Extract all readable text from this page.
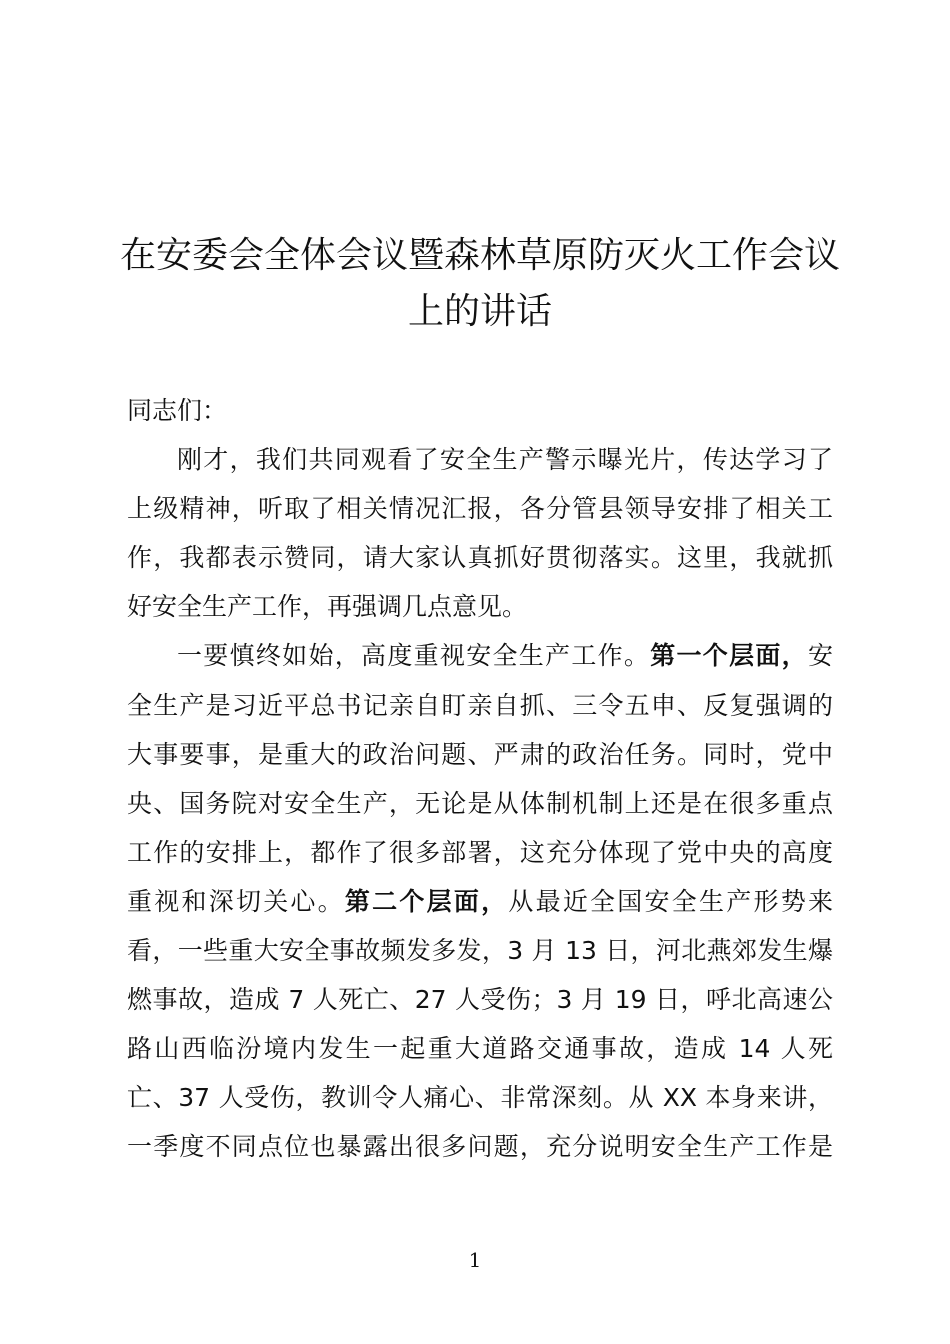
在安委会全体会议暨森林草原防灭火工作会议
上的讲话
同志们：
刚才，我们共同观看了安全生产警示曝光片，传达学习了
上级精神，听取了相关情况汇报，各分管县领导安排了相关工
作，我都表示赞同，请大家认真抓好贯彻落实。这里，我就抓
好安全生产工作，再强调几点意见。
一要慎终如始，高度重视安全生产工作。第一个层面，安
全生产是习近平总书记亲自盯亲自抓、三令五申、反复强调的
大事要事，是重大的政治问题、严肃的政治任务。同时，党中
央、国务院对安全生产，无论是从体制机制上还是在很多重点
工作的安排上，都作了很多部署，这充分体现了党中央的高度
重视和深切关心。第二个层面，从最近全国安全生产形势来
看，一些重大安全事故频发多发，3 月 13 日，河北燕郊发生爆
燃事故，造成 7 人死亡、27 人受伤；3 月 19 日，呼北高速公
路山西临汾境内发生一起重大道路交通事故，造成 14 人死
亡、37 人受伤，教训令人痛心、非常深刻。从 XX 本身来讲，
一季度不同点位也暴露出很多问题，充分说明安全生产工作是
1
